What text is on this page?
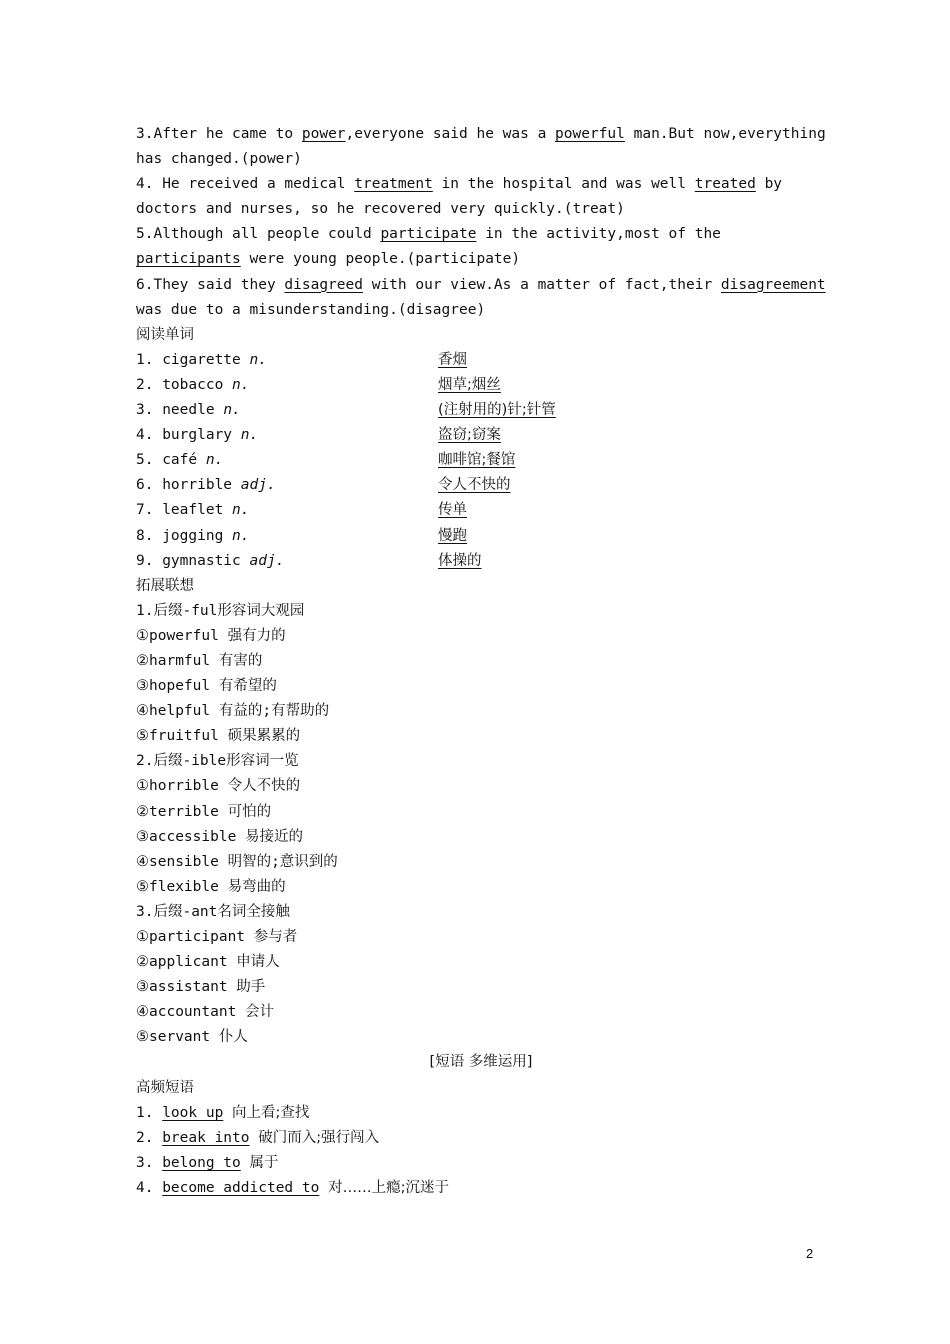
3.After he came to power,everyone said he was a powerful man.But now,everything has changed.(power)
4. He received a medical treatment in the hospital and was well treated by doctors and nurses, so he recovered very quickly.(treat)
5.Although all people could participate in the activity,most of the participants were young people.(participate)
6.They said they disagreed with our view.As a matter of fact,their disagreement was due to a misunderstanding.(disagree)
阅读单词
1. cigarette n.	香烟
2. tobacco n.	烟草;烟丝
3. needle n.	(注射用的)针;针管
4. burglary n.	盗窃;窃案
5. café n.	咖啡馆;餐馆
6. horrible adj.	令人不快的
7. leaflet n.	传单
8. jogging n.	慢跑
9. gymnastic adj.	体操的
拓展联想
1.后缀-ful形容词大观园
①powerful 强有力的
②harmful 有害的
③hopeful 有希望的
④helpful 有益的;有帮助的
⑤fruitful 硕果累累的
2.后缀-ible形容词一览
①horrible 令人不快的
②terrible 可怕的
③accessible 易接近的
④sensible 明智的;意识到的
⑤flexible 易弯曲的
3.后缀-ant名词全接触
①participant 参与者
②applicant 申请人
③assistant 助手
④accountant 会计
⑤servant 仆人
[短语 多维运用]
高频短语
1. look up 向上看;查找
2. break into 破门而入;强行闯入
3. belong to 属于
4. become addicted to 对……上瘾;沉迷于
2
